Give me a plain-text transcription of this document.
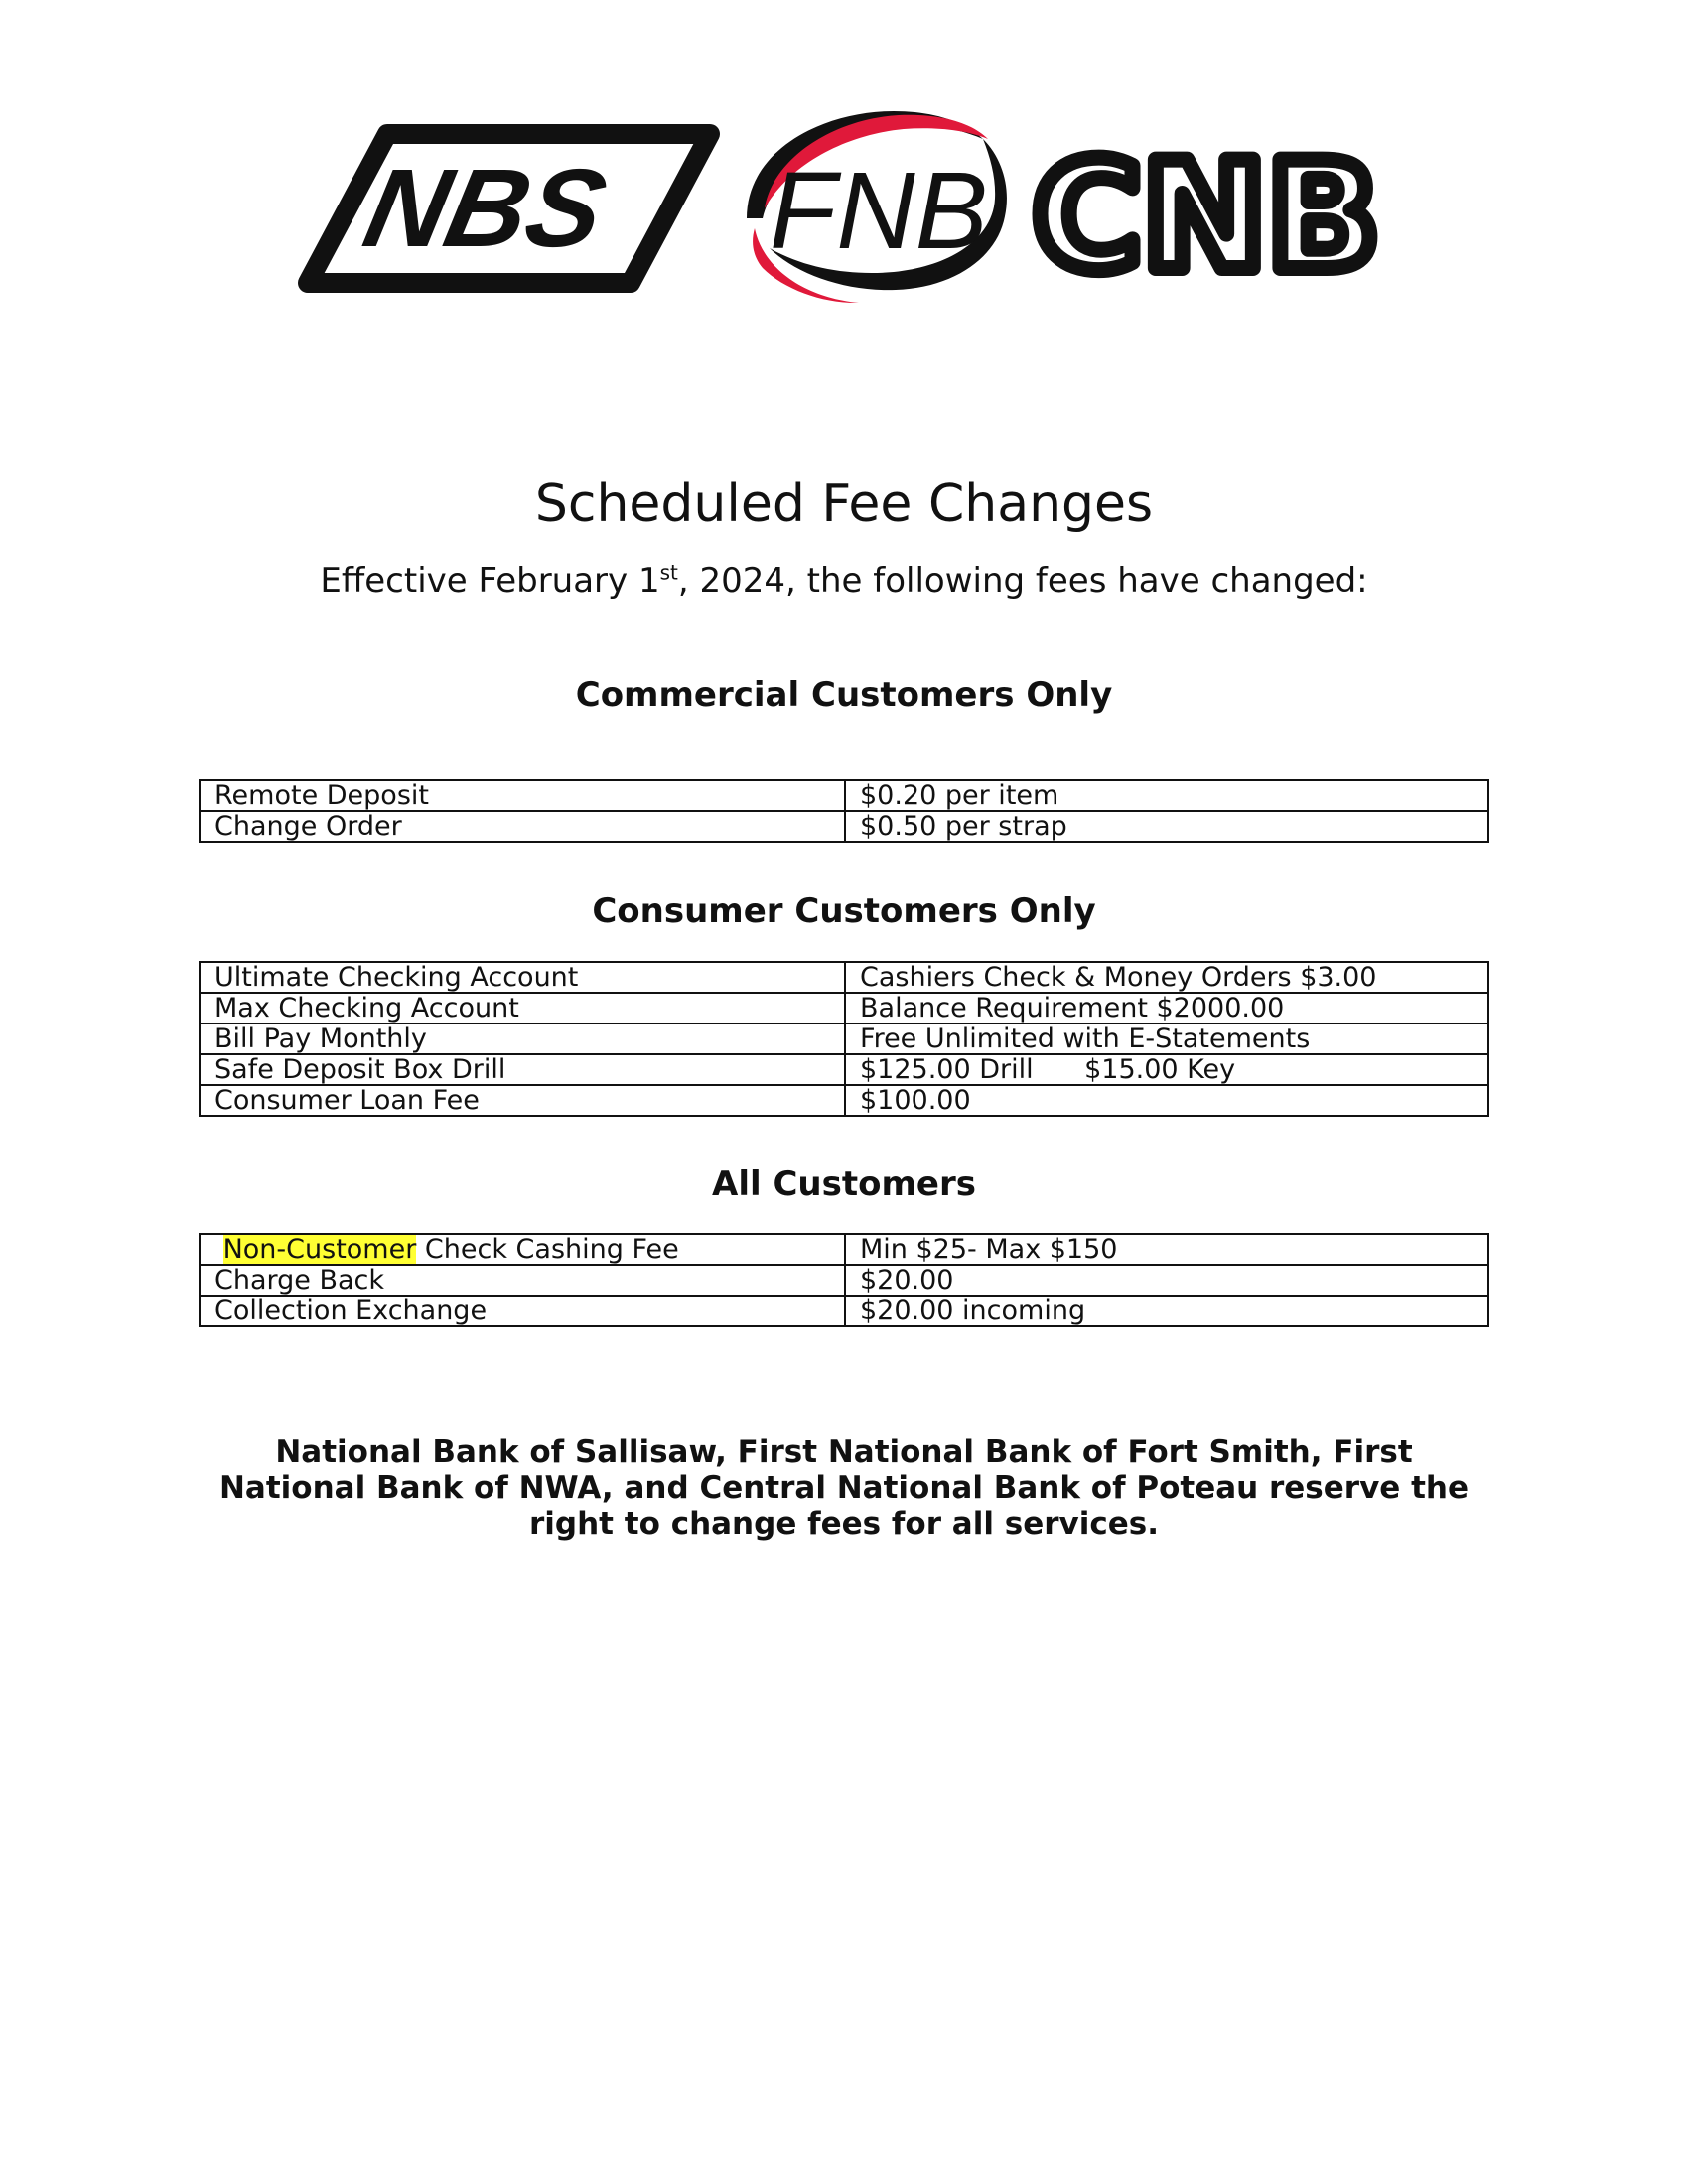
NBS FNB CNB
Scheduled Fee Changes
Effective February 1st, 2024, the following fees have changed:
Commercial Customers Only
Remote Deposit	$0.20 per item
Change Order	$0.50 per strap
Consumer Customers Only
Ultimate Checking Account	Cashiers Check & Money Orders $3.00
Max Checking Account	Balance Requirement $2000.00
Bill Pay Monthly	Free Unlimited with E-Statements
Safe Deposit Box Drill	$125.00 Drill      $15.00 Key
Consumer Loan Fee	$100.00
All Customers
Non-Customer Check Cashing Fee	Min $25- Max $150
Charge Back	$20.00
Collection Exchange	$20.00 incoming
National Bank of Sallisaw, First National Bank of Fort Smith, First National Bank of NWA, and Central National Bank of Poteau reserve the right to change fees for all services.
